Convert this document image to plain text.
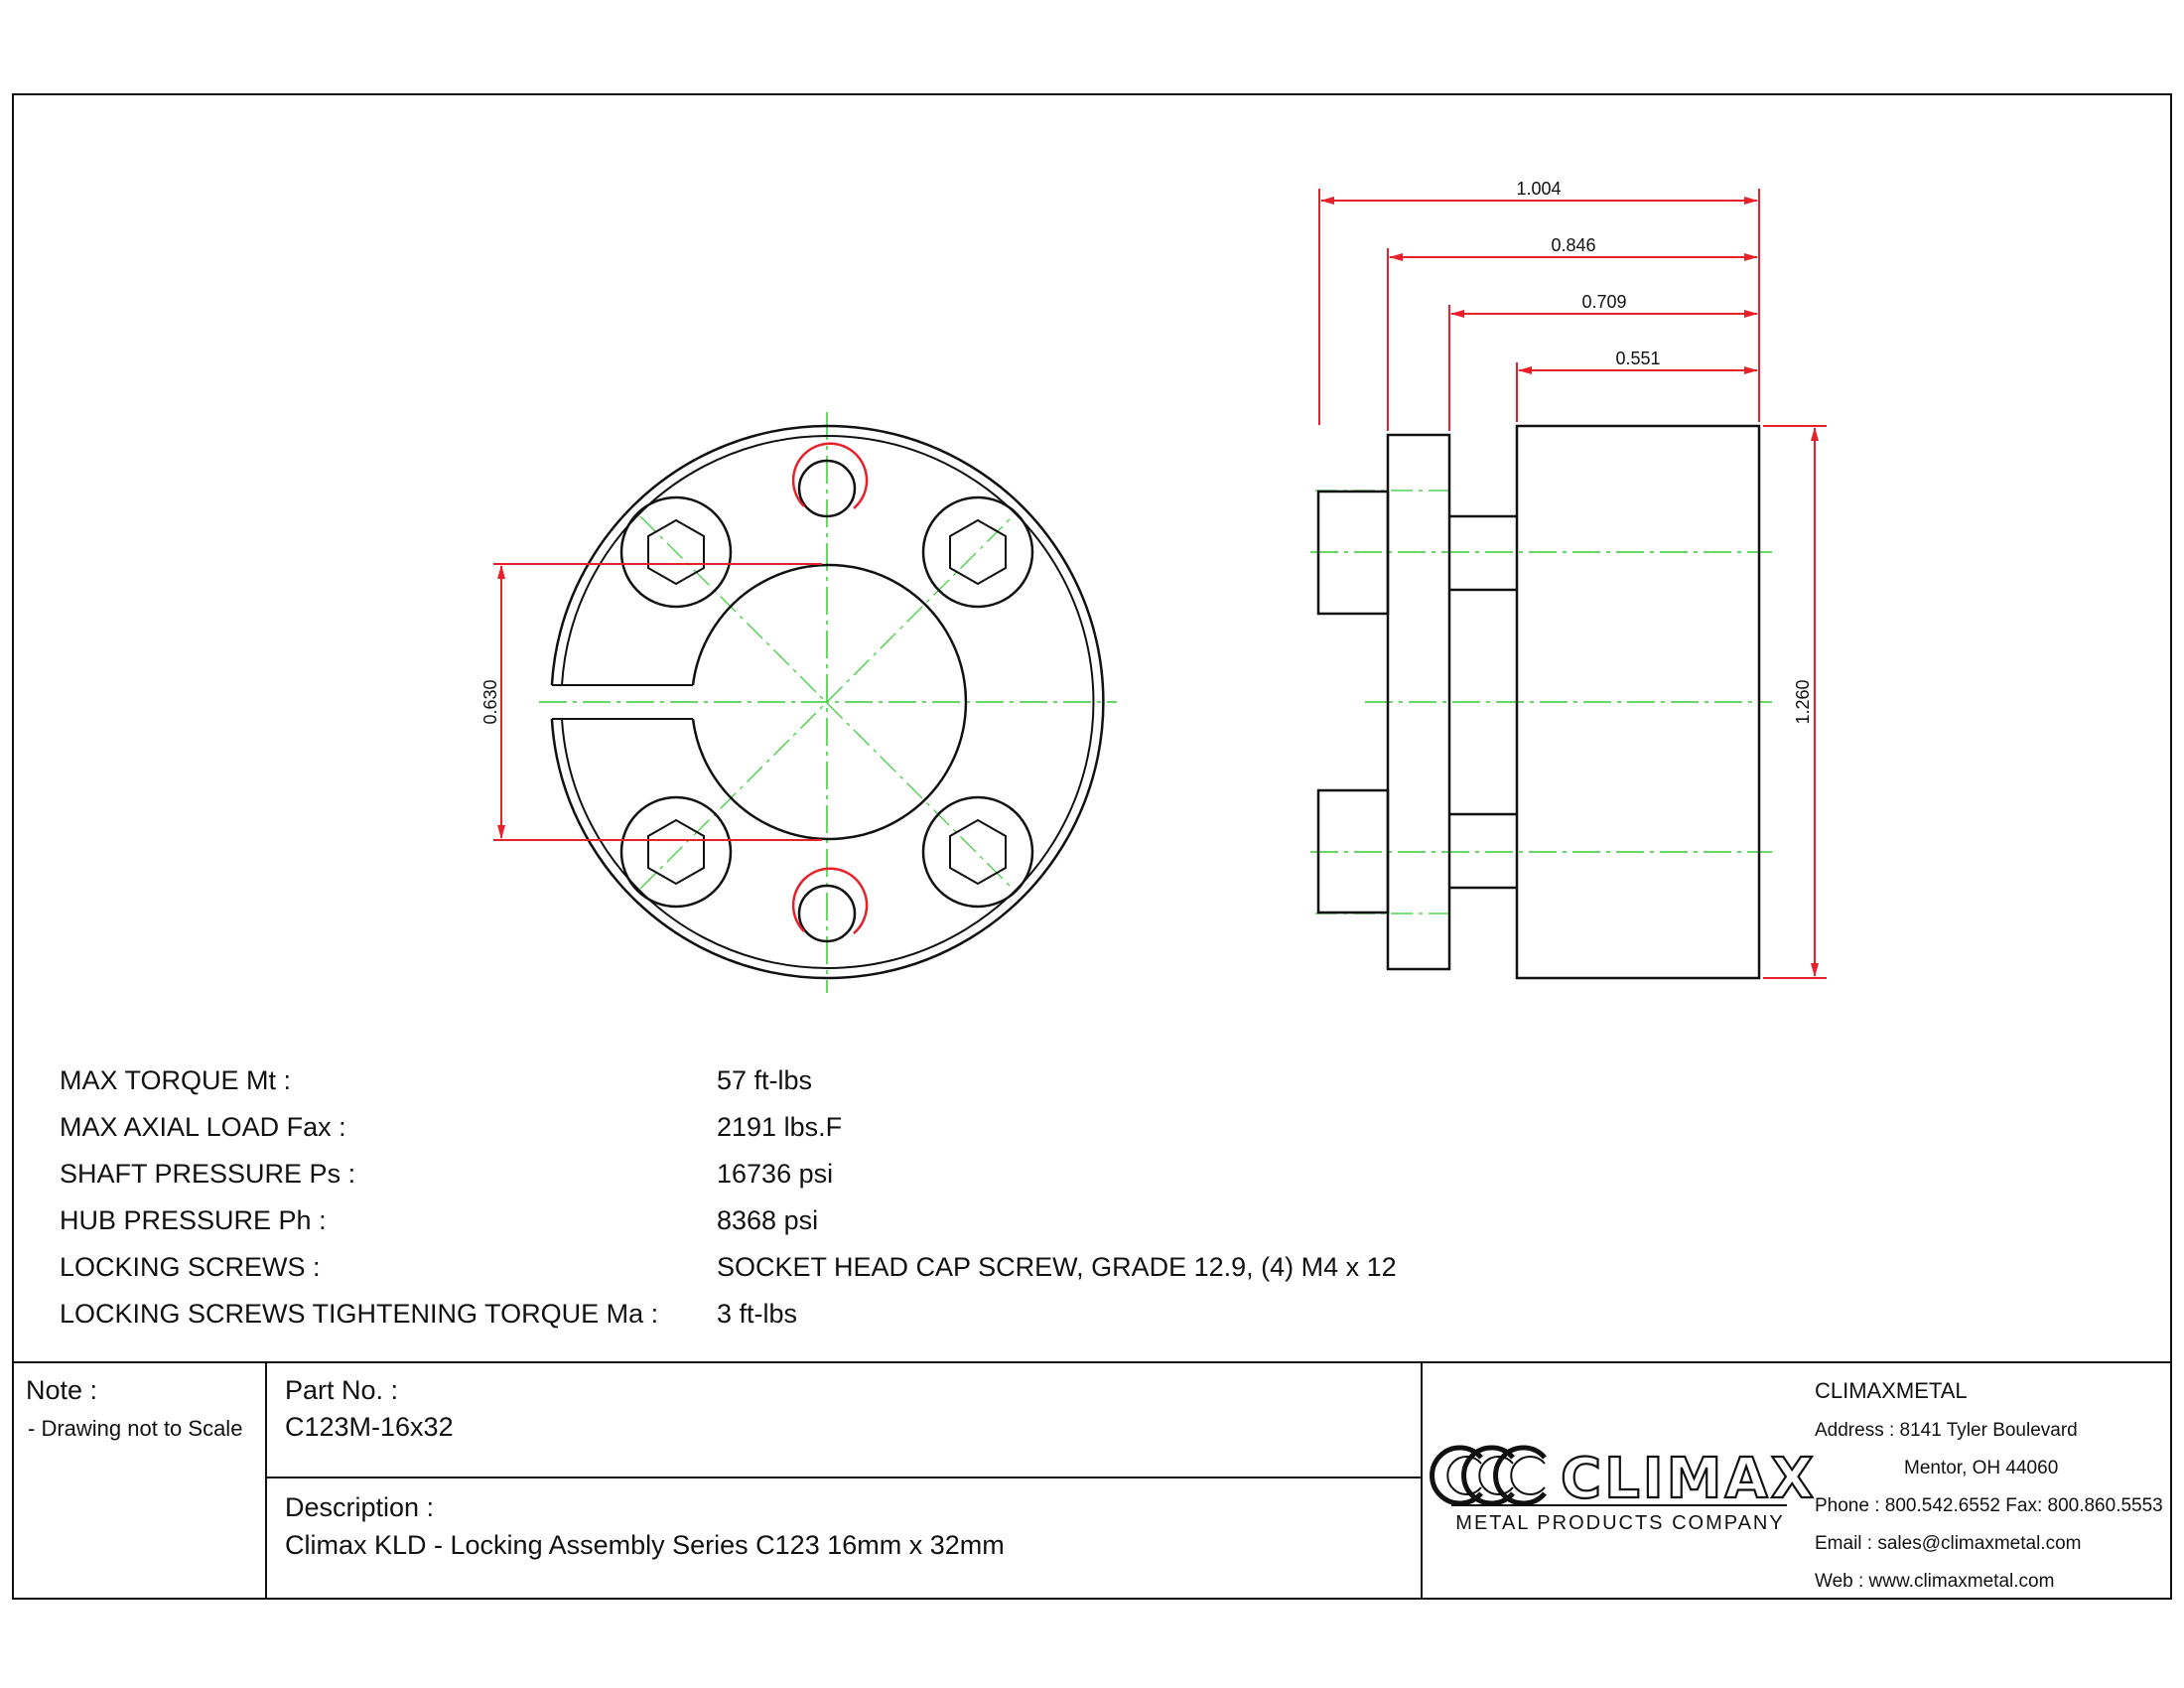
0.630
1.004
0.846
0.709
0.551
1.260
CLIMAX
METAL PRODUCTS COMPANY
MAX TORQUE Mt :	57 ft-lbs
MAX AXIAL LOAD Fax :	2191 lbs.F
SHAFT PRESSURE Ps :	16736 psi
HUB PRESSURE Ph :	8368 psi
LOCKING SCREWS :	SOCKET HEAD CAP SCREW, GRADE 12.9, (4) M4 x 12
LOCKING SCREWS TIGHTENING TORQUE Ma : 3 ft-lbs
Note :
- Drawing not to Scale
Part No. :
C123M-16x32
Description :
Climax KLD - Locking Assembly Series C123 16mm x 32mm
CLIMAXMETAL
Address : 8141 Tyler Boulevard
Mentor, OH 44060
Phone : 800.542.6552 Fax: 800.860.5553
Email : sales@climaxmetal.com
Web : www.climaxmetal.com
